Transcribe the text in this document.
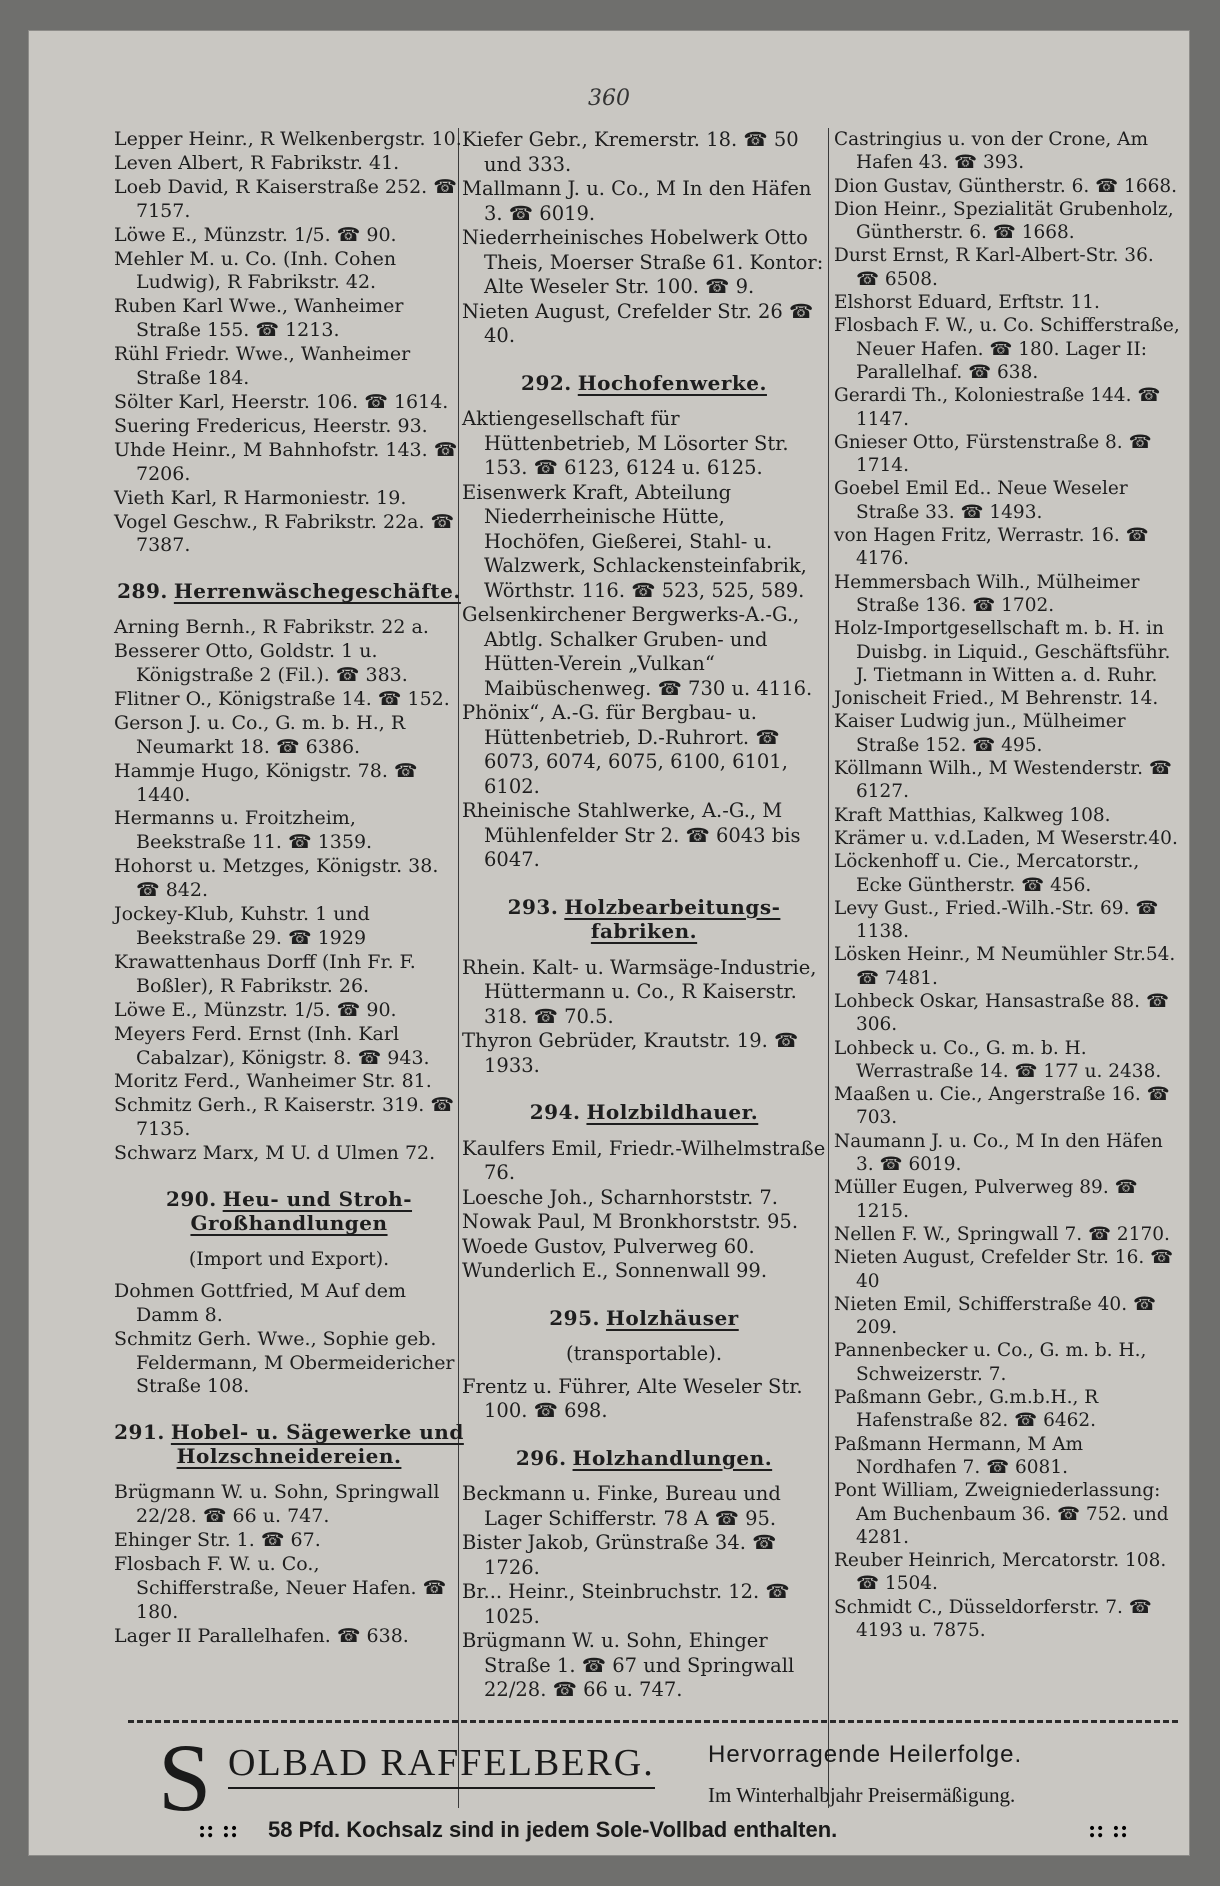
360

Lepper Heinr., R Welkenbergstr. 10.

Leven Albert, R Fabrikstr. 41.

Loeb David, R Kaiserstraße 252. ☎ 7157.

Löwe E., Münzstr. 1/5. ☎ 90.

Mehler M. u. Co. (Inh. Cohen Ludwig), R Fabrikstr. 42.

Ruben Karl Wwe., Wanheimer Straße 155. ☎ 1213.

Rühl Friedr. Wwe., Wanheimer Straße 184.

Sölter Karl, Heerstr. 106. ☎ 1614.

Suering Fredericus, Heerstr. 93.

Uhde Heinr., M Bahnhofstr. 143. ☎ 7206.

Vieth Karl, R Harmoniestr. 19.

Vogel Geschw., R Fabrikstr. 22a. ☎ 7387.

289. Herrenwäschegeschäfte.

Arning Bernh., R Fabrikstr. 22 a.

Besserer Otto, Goldstr. 1 u. Königstraße 2 (Fil.). ☎ 383.

Flitner O., Königstraße 14. ☎ 152.

Gerson J. u. Co., G. m. b. H., R Neumarkt 18. ☎ 6386.

Hammje Hugo, Königstr. 78. ☎ 1440.

Hermanns u. Froitzheim, Beekstraße 11. ☎ 1359.

Hohorst u. Metzges, Königstr. 38. ☎ 842.

Jockey-Klub, Kuhstr. 1 und Beekstraße 29. ☎ 1929

Krawattenhaus Dorff (Inh Fr. F. Boßler), R Fabrikstr. 26.

Löwe E., Münzstr. 1/5. ☎ 90.

Meyers Ferd. Ernst (Inh. Karl Cabalzar), Königstr. 8. ☎ 943.

Moritz Ferd., Wanheimer Str. 81.

Schmitz Gerh., R Kaiserstr. 319. ☎ 7135.

Schwarz Marx, M U. d Ulmen 72.

290. Heu- und Stroh-Großhandlungen
(Import und Export).

Dohmen Gottfried, M Auf dem Damm 8.

Schmitz Gerh. Wwe., Sophie geb. Feldermann, M Obermeidericher Straße 108.

291. Hobel- u. Sägewerke und Holzschneidereien.

Brügmann W. u. Sohn, Springwall 22/28. ☎ 66 u. 747.

Ehinger Str. 1. ☎ 67.

Flosbach F. W. u. Co., Schifferstraße, Neuer Hafen. ☎ 180.

Lager II Parallelhafen. ☎ 638.

Kiefer Gebr., Kremerstr. 18. ☎ 50 und 333.

Mallmann J. u. Co., M In den Häfen 3. ☎ 6019.

Niederrheinisches Hobelwerk Otto Theis, Moerser Straße 61. Kontor: Alte Weseler Str. 100. ☎ 9.

Nieten August, Crefelder Str. 26 ☎ 40.

292. Hochofenwerke.

Aktiengesellschaft für Hüttenbetrieb, M Lösorter Str. 153. ☎ 6123, 6124 u. 6125.

Eisenwerk Kraft, Abteilung Niederrheinische Hütte, Hochöfen, Gießerei, Stahl- u. Walzwerk, Schlackensteinfabrik, Wörthstr. 116. ☎ 523, 525, 589.

Gelsenkirchener Bergwerks-A.-G., Abtlg. Schalker Gruben- und Hütten-Verein „Vulkan“ Maibüschenweg. ☎ 730 u. 4116.

Phönix“, A.-G. für Bergbau- u. Hüttenbetrieb, D.-Ruhrort. ☎ 6073, 6074, 6075, 6100, 6101, 6102.

Rheinische Stahlwerke, A.-G., M Mühlenfelder Str 2. ☎ 6043 bis 6047.

293. Holzbearbeitungs-fabriken.

Rhein. Kalt- u. Warmsäge-Industrie, Hüttermann u. Co., R Kaiserstr. 318. ☎ 70.5.

Thyron Gebrüder, Krautstr. 19. ☎ 1933.

294. Holzbildhauer.

Kaulfers Emil, Friedr.-Wilhelmstraße 76.

Loesche Joh., Scharnhorststr. 7.

Nowak Paul, M Bronkhorststr. 95.

Woede Gustov, Pulverweg 60.

Wunderlich E., Sonnenwall 99.

295. Holzhäuser
(transportable).

Frentz u. Führer, Alte Weseler Str. 100. ☎ 698.

296. Holzhandlungen.

Beckmann u. Finke, Bureau und Lager Schifferstr. 78 A ☎ 95.

Bister Jakob, Grünstraße 34. ☎ 1726.

Br... Heinr., Steinbruchstr. 12. ☎ 1025.

Brügmann W. u. Sohn, Ehinger Straße 1. ☎ 67 und Springwall 22/28. ☎ 66 u. 747.

Castringius u. von der Crone, Am Hafen 43. ☎ 393.

Dion Gustav, Güntherstr. 6. ☎ 1668.

Dion Heinr., Spezialität Grubenholz, Güntherstr. 6. ☎ 1668.

Durst Ernst, R Karl-Albert-Str. 36. ☎ 6508.

Elshorst Eduard, Erftstr. 11.

Flosbach F. W., u. Co. Schifferstraße, Neuer Hafen. ☎ 180. Lager II: Parallelhaf. ☎ 638.

Gerardi Th., Koloniestraße 144. ☎ 1147.

Gnieser Otto, Fürstenstraße 8. ☎ 1714.

Goebel Emil Ed.. Neue Weseler Straße 33. ☎ 1493.

von Hagen Fritz, Werrastr. 16. ☎ 4176.

Hemmersbach Wilh., Mülheimer Straße 136. ☎ 1702.

Holz-Importgesellschaft m. b. H. in Duisbg. in Liquid., Geschäftsführ. J. Tietmann in Witten a. d. Ruhr.

Jonischeit Fried., M Behrenstr. 14.

Kaiser Ludwig jun., Mülheimer Straße 152. ☎ 495.

Köllmann Wilh., M Westenderstr. ☎ 6127.

Kraft Matthias, Kalkweg 108.

Krämer u. v.d.Laden, M Weserstr.40.

Löckenhoff u. Cie., Mercatorstr., Ecke Güntherstr. ☎ 456.

Levy Gust., Fried.-Wilh.-Str. 69. ☎ 1138.

Lösken Heinr., M Neumühler Str.54. ☎ 7481.

Lohbeck Oskar, Hansastraße 88. ☎ 306.

Lohbeck u. Co., G. m. b. H. Werrastraße 14. ☎ 177 u. 2438.

Maaßen u. Cie., Angerstraße 16. ☎ 703.

Naumann J. u. Co., M In den Häfen 3. ☎ 6019.

Müller Eugen, Pulverweg 89. ☎ 1215.

Nellen F. W., Springwall 7. ☎ 2170.

Nieten August, Crefelder Str. 16. ☎ 40

Nieten Emil, Schifferstraße 40. ☎ 209.

Pannenbecker u. Co., G. m. b. H., Schweizerstr. 7.

Paßmann Gebr., G.m.b.H., R Hafenstraße 82. ☎ 6462.

Paßmann Hermann, M Am Nordhafen 7. ☎ 6081.

Pont William, Zweigniederlassung: Am Buchenbaum 36. ☎ 752. und 4281.

Reuber Heinrich, Mercatorstr. 108. ☎ 1504.

Schmidt C., Düsseldorferstr. 7. ☎ 4193 u. 7875.

S OLBAD RAFFELBERG. Hervorragende Heilerfolge.
Im Winterhalbjahr Preisermäßigung.
:: :: 58 Pfd. Kochsalz sind in jedem Sole-Vollbad enthalten.	:: ::
